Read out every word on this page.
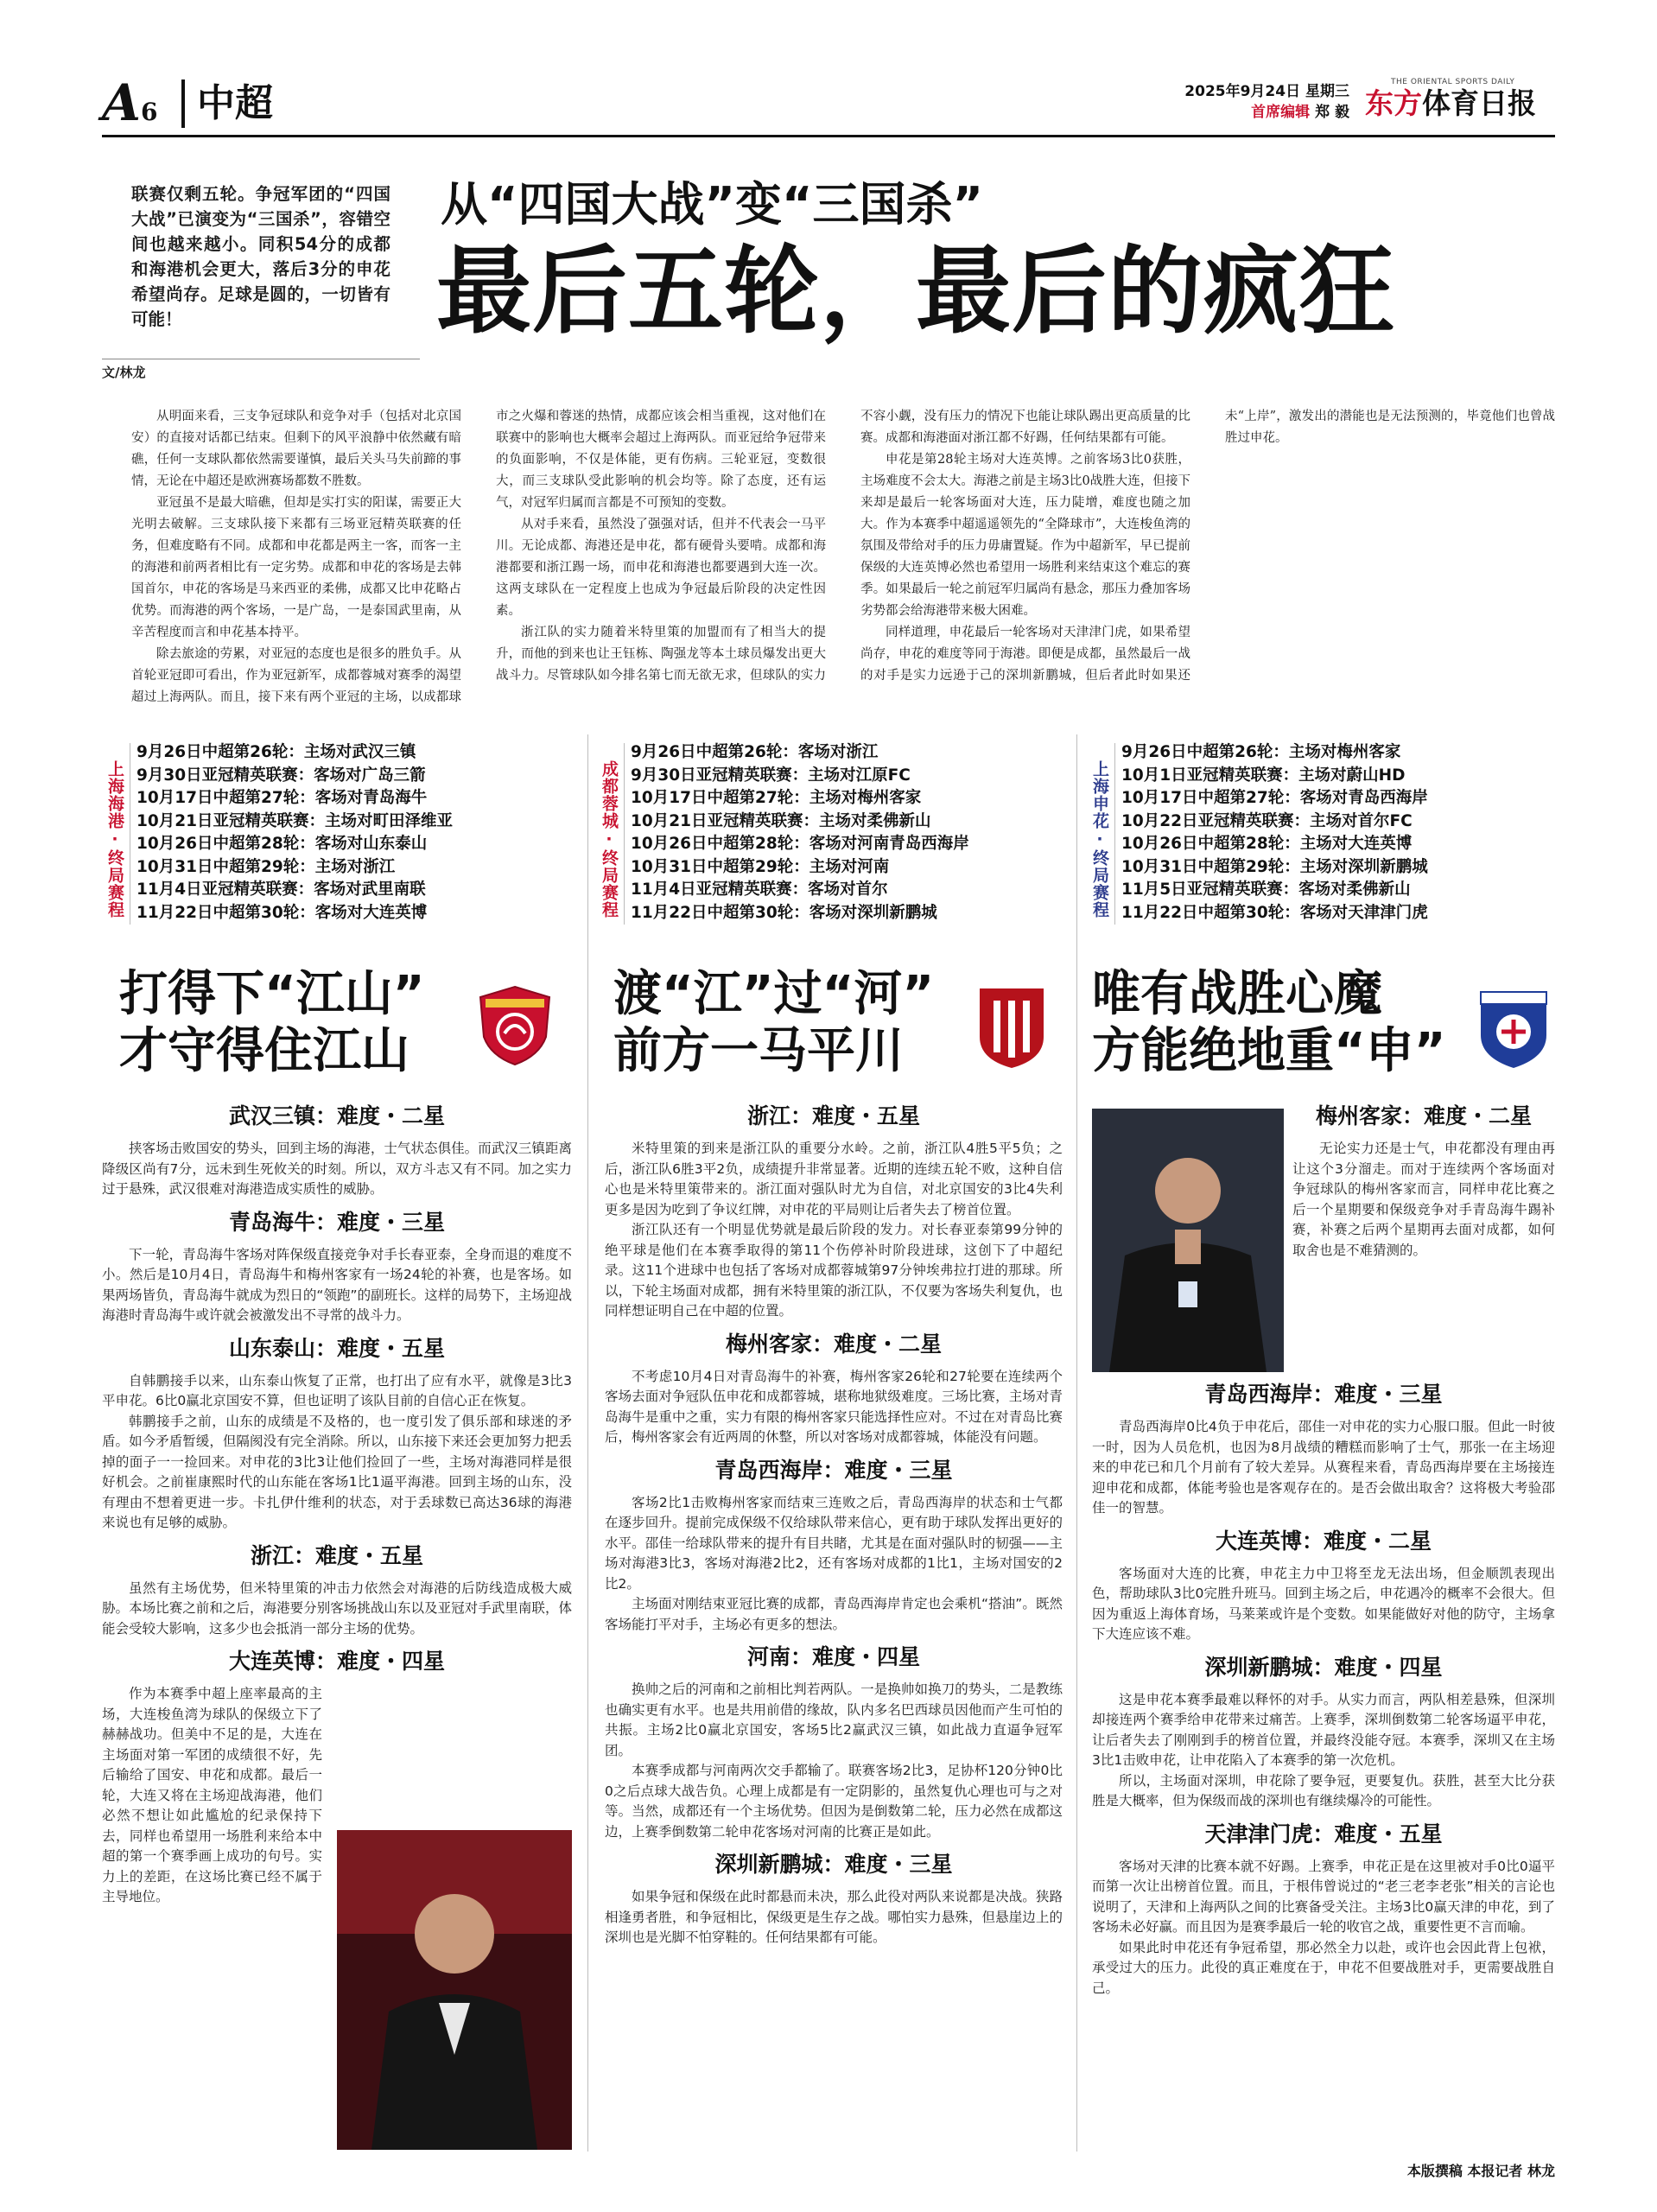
A6	中超	2025年9月24日 星期三
首席编辑 郑 毅
THE ORIENTAL SPORTS DAILY
东方体育日报
联赛仅剩五轮。争冠军团的“四国大战”已演变为“三国杀”，容错空间也越来越小。同积54分的成都和海港机会更大，落后3分的申花希望尚存。足球是圆的，一切皆有可能！
文/林龙
从“四国大战”变“三国杀”
最后五轮，最后的疯狂

从明面来看，三支争冠球队和竞争对手（包括对北京国安）的直接对话都已结束。但剩下的风平浪静中依然藏有暗礁，任何一支球队都依然需要谨慎，最后关头马失前蹄的事情，无论在中超还是欧洲赛场都数不胜数。

亚冠虽不是最大暗礁，但却是实打实的阳谋，需要正大光明去破解。三支球队接下来都有三场亚冠精英联赛的任务，但难度略有不同。成都和申花都是两主一客，而客一主的海港和前两者相比有一定劣势。成都和申花的客场是去韩国首尔，申花的客场是马来西亚的柔佛，成都又比申花略占优势。而海港的两个客场，一是广岛，一是泰国武里南，从辛苦程度而言和申花基本持平。

除去旅途的劳累，对亚冠的态度也是很多的胜负手。从首轮亚冠即可看出，作为亚冠新军，成都蓉城对赛季的渴望超过上海两队。而且，接下来有两个亚冠的主场，以成都球市之火爆和蓉迷的热情，成都应该会相当重视，这对他们在联赛中的影响也大概率会超过上海两队。而亚冠给争冠带来的负面影响，不仅是体能，更有伤病。三轮亚冠，变数很大，而三支球队受此影响的机会均等。除了态度，还有运气，对冠军归属而言都是不可预知的变数。

从对手来看，虽然没了强强对话，但并不代表会一马平川。无论成都、海港还是申花，都有硬骨头要啃。成都和海港都要和浙江踢一场，而申花和海港也都要遇到大连一次。这两支球队在一定程度上也成为争冠最后阶段的决定性因素。

浙江队的实力随着米特里策的加盟而有了相当大的提升，而他的到来也让王钰栋、陶强龙等本土球员爆发出更大战斗力。尽管球队如今排名第七而无欲无求，但球队的实力不容小觑，没有压力的情况下也能让球队踢出更高质量的比赛。成都和海港面对浙江都不好踢，任何结果都有可能。

申花是第28轮主场对大连英博。之前客场3比0获胜，主场难度不会太大。海港之前是主场3比0战胜大连，但接下来却是最后一轮客场面对大连，压力陡增，难度也随之加大。作为本赛季中超遥遥领先的“全降球市”，大连梭鱼湾的氛围及带给对手的压力毋庸置疑。作为中超新军，早已提前保级的大连英博必然也希望用一场胜利来结束这个难忘的赛季。如果最后一轮之前冠军归属尚有悬念，那压力叠加客场劣势都会给海港带来极大困难。

同样道理，申花最后一轮客场对天津津门虎，如果希望尚存，申花的难度等同于海港。即便是成都，虽然最后一战的对手是实力远逊于己的深圳新鹏城，但后者此时如果还未“上岸”，激发出的潜能也是无法预测的，毕竟他们也曾战胜过申花。

上海海港·终局赛程
9月26日中超第26轮：主场对武汉三镇
9月30日亚冠精英联赛：客场对广岛三箭
10月17日中超第27轮：客场对青岛海牛
10月21日亚冠精英联赛：主场对町田泽维亚
10月26日中超第28轮：客场对山东泰山
10月31日中超第29轮：主场对浙江
11月4日亚冠精英联赛：客场对武里南联
11月22日中超第30轮：客场对大连英博	成都蓉城·终局赛程
9月26日中超第26轮：客场对浙江
9月30日亚冠精英联赛：主场对江原FC
10月17日中超第27轮：主场对梅州客家
10月21日亚冠精英联赛：主场对柔佛新山
10月26日中超第28轮：客场对河南青岛西海岸
10月31日中超第29轮：主场对河南
11月4日亚冠精英联赛：客场对首尔
11月22日中超第30轮：客场对深圳新鹏城	上海申花·终局赛程
9月26日中超第26轮：主场对梅州客家
10月1日亚冠精英联赛：主场对蔚山HD
10月17日中超第27轮：客场对青岛西海岸
10月22日亚冠精英联赛：主场对首尔FC
10月26日中超第28轮：主场对大连英博
10月31日中超第29轮：主场对深圳新鹏城
11月5日亚冠精英联赛：客场对柔佛新山
11月22日中超第30轮：客场对天津津门虎
打得下“江山”
才守得住江山
武汉三镇：难度・二星

挟客场击败国安的势头，回到主场的海港，士气状态俱佳。而武汉三镇距离降级区尚有7分，远未到生死攸关的时刻。所以，双方斗志又有不同。加之实力过于悬殊，武汉很难对海港造成实质性的威胁。

青岛海牛：难度・三星

下一轮，青岛海牛客场对阵保级直接竞争对手长春亚泰，全身而退的难度不小。然后是10月4日，青岛海牛和梅州客家有一场24轮的补赛，也是客场。如果两场皆负，青岛海牛就成为烈日的“领跑”的副班长。这样的局势下，主场迎战海港时青岛海牛或许就会被激发出不寻常的战斗力。

山东泰山：难度・五星

自韩鹏接手以来，山东泰山恢复了正常，也打出了应有水平，就像是3比3平申花。6比0赢北京国安不算，但也证明了该队目前的自信心正在恢复。

韩鹏接手之前，山东的成绩是不及格的，也一度引发了俱乐部和球迷的矛盾。如今矛盾暂缓，但隔阂没有完全消除。所以，山东接下来还会更加努力把丢掉的面子一一捡回来。对申花的3比3让他们捡回了一些，主场对海港同样是很好机会。之前崔康熙时代的山东能在客场1比1逼平海港。回到主场的山东，没有理由不想着更进一步。卡扎伊什维利的状态，对于丢球数已高达36球的海港来说也有足够的威胁。

浙江：难度・五星

虽然有主场优势，但米特里策的冲击力依然会对海港的后防线造成极大威胁。本场比赛之前和之后，海港要分别客场挑战山东以及亚冠对手武里南联，体能会受较大影响，这多少也会抵消一部分主场的优势。

大连英博：难度・四星

作为本赛季中超上座率最高的主场，大连梭鱼湾为球队的保级立下了赫赫战功。但美中不足的是，大连在主场面对第一军团的成绩很不好，先后输给了国安、申花和成都。最后一轮，大连又将在主场迎战海港，他们必然不想让如此尴尬的纪录保持下去，同样也希望用一场胜利来给本中超的第一个赛季画上成功的句号。实力上的差距，在这场比赛已经不属于主导地位。

渡“江”过“河”
前方一马平川
浙江：难度・五星

米特里策的到来是浙江队的重要分水岭。之前，浙江队4胜5平5负；之后，浙江队6胜3平2负，成绩提升非常显著。近期的连续五轮不败，这种自信心也是米特里策带来的。浙江面对强队时尤为自信，对北京国安的3比4失利更多是因为吃到了争议红牌，对申花的平局则让后者失去了榜首位置。

浙江队还有一个明显优势就是最后阶段的发力。对长春亚泰第99分钟的绝平球是他们在本赛季取得的第11个伤停补时阶段进球，这创下了中超纪录。这11个进球中也包括了客场对成都蓉城第97分钟埃弗拉打进的那球。所以，下轮主场面对成都，拥有米特里策的浙江队，不仅要为客场失利复仇，也同样想证明自己在中超的位置。

梅州客家：难度・二星

不考虑10月4日对青岛海牛的补赛，梅州客家26轮和27轮要在连续两个客场去面对争冠队伍申花和成都蓉城，堪称地狱级难度。三场比赛，主场对青岛海牛是重中之重，实力有限的梅州客家只能选择性应对。不过在对青岛比赛后，梅州客家会有近两周的休整，所以对客场对成都蓉城，体能没有问题。

青岛西海岸：难度・三星

客场2比1击败梅州客家而结束三连败之后，青岛西海岸的状态和士气都在逐步回升。提前完成保级不仅给球队带来信心，更有助于球队发挥出更好的水平。邵佳一给球队带来的提升有目共睹，尤其是在面对强队时的韧强——主场对海港3比3，客场对海港2比2，还有客场对成都的1比1，主场对国安的2比2。

主场面对刚结束亚冠比赛的成都，青岛西海岸肯定也会乘机“搭油”。既然客场能打平对手，主场必有更多的想法。

河南：难度・四星

换帅之后的河南和之前相比判若两队。一是换帅如换刀的势头，二是教练也确实更有水平。也是共用前借的缘故，队内多名巴西球员因他而产生可怕的共振。主场2比0赢北京国安，客场5比2赢武汉三镇，如此战力直逼争冠军团。

本赛季成都与河南两次交手都输了。联赛客场2比3，足协杯120分钟0比0之后点球大战告负。心理上成都是有一定阴影的，虽然复仇心理也可与之对等。当然，成都还有一个主场优势。但因为是倒数第二轮，压力必然在成都这边，上赛季倒数第二轮申花客场对河南的比赛正是如此。

深圳新鹏城：难度・三星

如果争冠和保级在此时都悬而未决，那么此役对两队来说都是决战。狭路相逢勇者胜，和争冠相比，保级更是生存之战。哪怕实力悬殊，但悬崖边上的深圳也是光脚不怕穿鞋的。任何结果都有可能。

唯有战胜心魔
方能绝地重“申”
梅州客家：难度・二星

无论实力还是士气，申花都没有理由再让这个3分溜走。而对于连续两个客场面对争冠球队的梅州客家而言，同样申花比赛之后一个星期要和保级竞争对手青岛海牛踢补赛，补赛之后两个星期再去面对成都，如何取舍也是不难猜测的。

青岛西海岸：难度・三星

青岛西海岸0比4负于申花后，邵佳一对申花的实力心服口服。但此一时彼一时，因为人员危机，也因为8月战绩的糟糕而影响了士气，那张一在主场迎来的申花已和几个月前有了较大差异。从赛程来看，青岛西海岸要在主场接连迎申花和成都，体能考验也是客观存在的。是否会做出取舍？这将极大考验邵佳一的智慧。

大连英博：难度・二星

客场面对大连的比赛，申花主力中卫将至龙无法出场，但金顺凯表现出色，帮助球队3比0完胜升班马。回到主场之后，申花遇冷的概率不会很大。但因为重返上海体育场，马莱莱或许是个变数。如果能做好对他的防守，主场拿下大连应该不难。

深圳新鹏城：难度・四星

这是申花本赛季最难以释怀的对手。从实力而言，两队相差悬殊，但深圳却接连两个赛季给申花带来过痛苦。上赛季，深圳倒数第二轮客场逼平申花，让后者失去了刚刚到手的榜首位置，并最终没能夺冠。本赛季，深圳又在主场3比1击败申花，让申花陷入了本赛季的第一次危机。

所以，主场面对深圳，申花除了要争冠，更要复仇。获胜，甚至大比分获胜是大概率，但为保级而战的深圳也有继续爆冷的可能性。

天津津门虎：难度・五星

客场对天津的比赛本就不好踢。上赛季，申花正是在这里被对手0比0逼平而第一次让出榜首位置。而且，于根伟曾说过的“老三老李老张”相关的言论也说明了，天津和上海两队之间的比赛备受关注。主场3比0赢天津的申花，到了客场未必好赢。而且因为是赛季最后一轮的收官之战，重要性更不言而喻。

如果此时申花还有争冠希望，那必然全力以赴，或许也会因此背上包袱，承受过大的压力。此役的真正难度在于，申花不但要战胜对手，更需要战胜自己。

本版撰稿 本报记者 林龙
